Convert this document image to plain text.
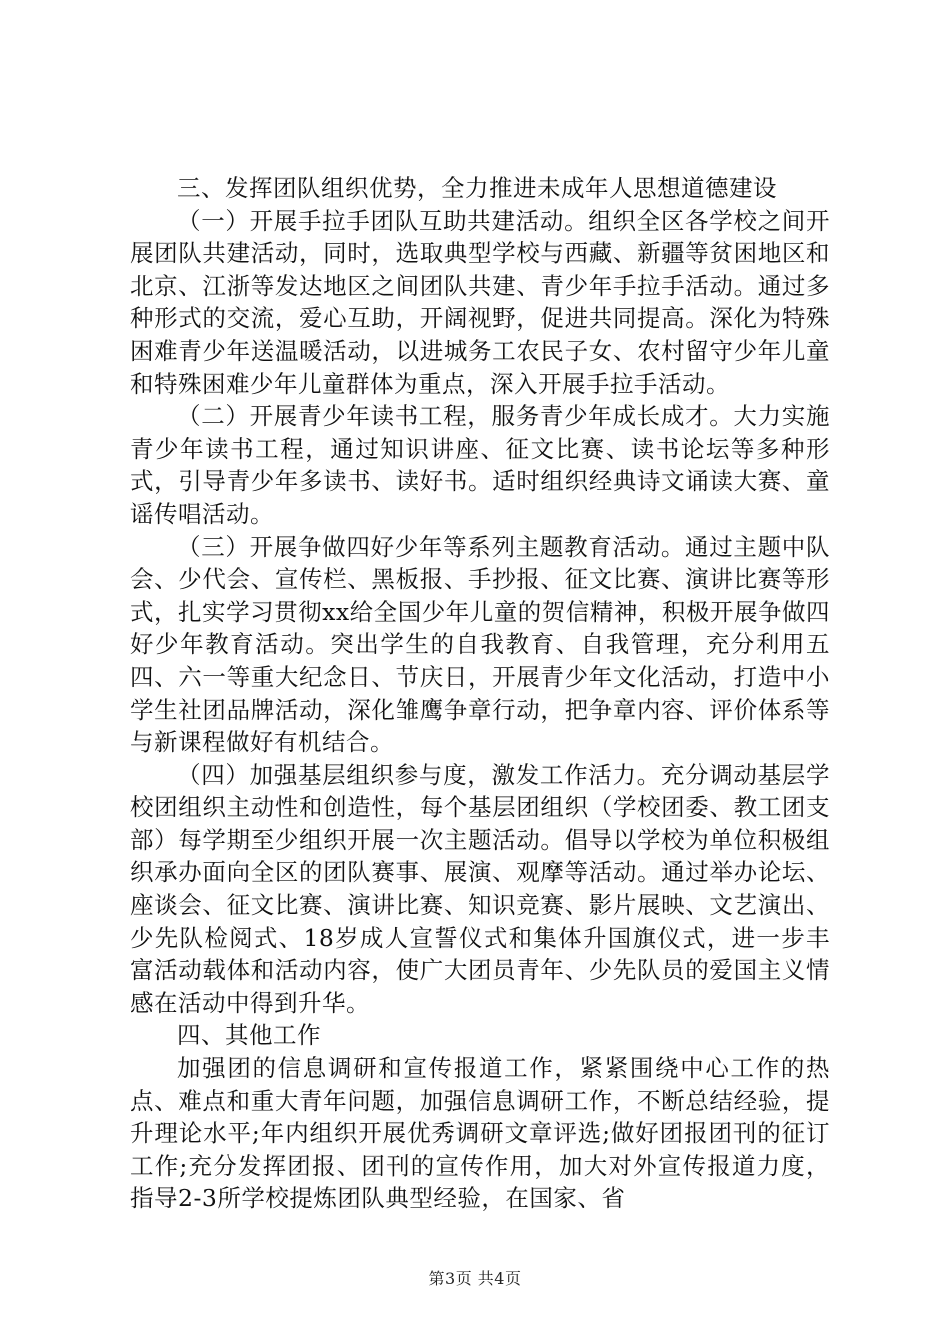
三、发挥团队组织优势，全力推进未成年人思想道德建设

（一）开展手拉手团队互助共建活动。组织全区各学校之间开展团队共建活动，同时，选取典型学校与西藏、新疆等贫困地区和北京、江浙等发达地区之间团队共建、青少年手拉手活动。通过多种形式的交流，爱心互助，开阔视野，促进共同提高。深化为特殊困难青少年送温暖活动，以进城务工农民子女、农村留守少年儿童和特殊困难少年儿童群体为重点，深入开展手拉手活动。

（二）开展青少年读书工程，服务青少年成长成才。大力实施青少年读书工程，通过知识讲座、征文比赛、读书论坛等多种形式，引导青少年多读书、读好书。适时组织经典诗文诵读大赛、童谣传唱活动。

（三）开展争做四好少年等系列主题教育活动。通过主题中队会、少代会、宣传栏、黑板报、手抄报、征文比赛、演讲比赛等形式，扎实学习贯彻xx给全国少年儿童的贺信精神，积极开展争做四好少年教育活动。突出学生的自我教育、自我管理，充分利用五四、六一等重大纪念日、节庆日，开展青少年文化活动，打造中小学生社团品牌活动，深化雏鹰争章行动，把争章内容、评价体系等与新课程做好有机结合。

（四）加强基层组织参与度，激发工作活力。充分调动基层学校团组织主动性和创造性，每个基层团组织（学校团委、教工团支部）每学期至少组织开展一次主题活动。倡导以学校为单位积极组织承办面向全区的团队赛事、展演、观摩等活动。通过举办论坛、座谈会、征文比赛、演讲比赛、知识竞赛、影片展映、文艺演出、少先队检阅式、18岁成人宣誓仪式和集体升国旗仪式，进一步丰富活动载体和活动内容，使广大团员青年、少先队员的爱国主义情感在活动中得到升华。

四、其他工作

加强团的信息调研和宣传报道工作，紧紧围绕中心工作的热点、难点和重大青年问题，加强信息调研工作，不断总结经验，提升理论水平;年内组织开展优秀调研文章评选;做好团报团刊的征订工作;充分发挥团报、团刊的宣传作用，加大对外宣传报道力度，指导2-3所学校提炼团队典型经验，在国家、省

第3页 共4页
